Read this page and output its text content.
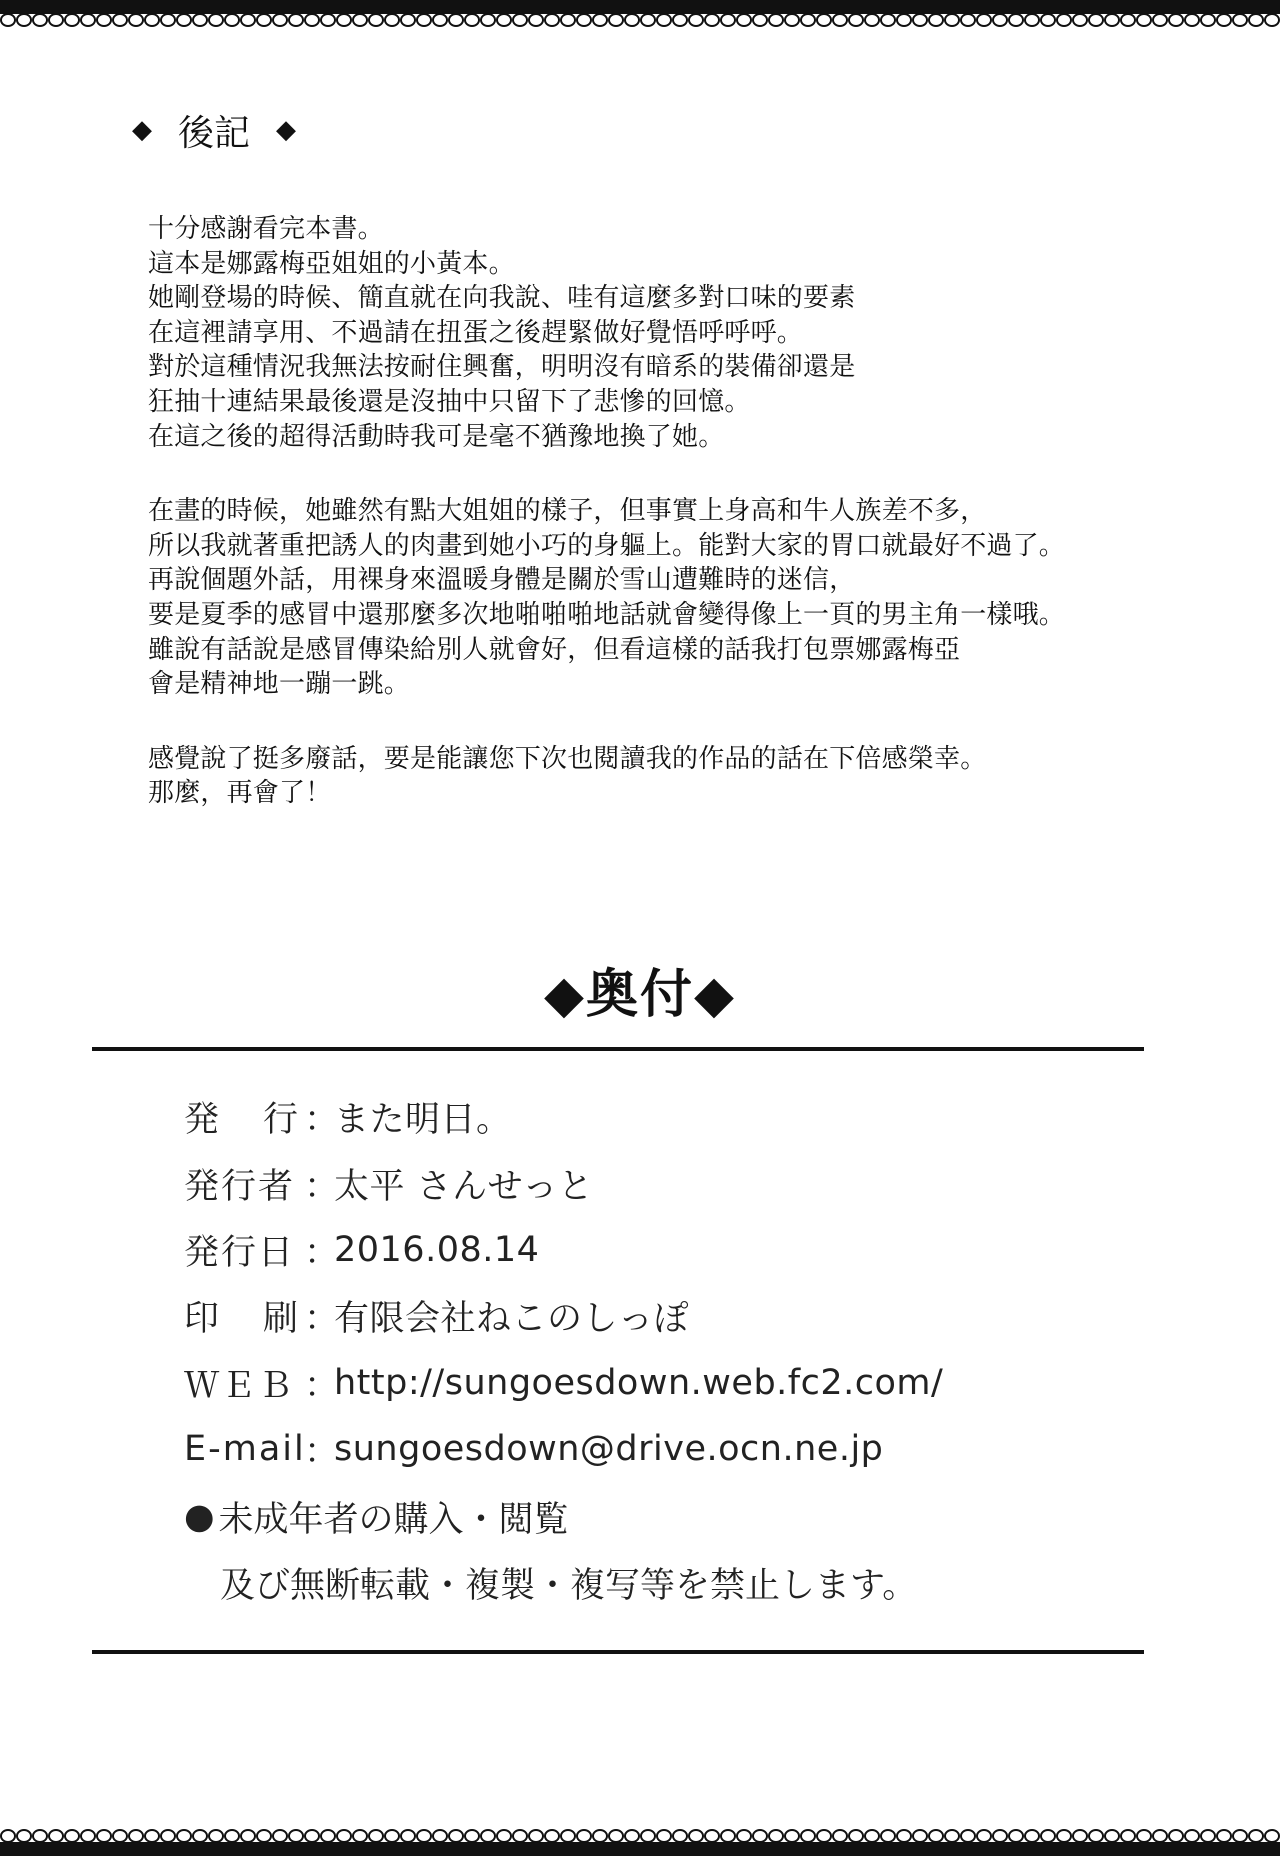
◆ 後記 ◆
十分感謝看完本書。
這本是娜露梅亞姐姐的小黃本。
她剛登場的時候、簡直就在向我說、哇有這麼多對口味的要素
在這裡請享用、不過請在扭蛋之後趕緊做好覺悟呼呼呼。
對於這種情況我無法按耐住興奮，明明沒有暗系的裝備卻還是
狂抽十連結果最後還是沒抽中只留下了悲慘的回憶。
在這之後的超得活動時我可是毫不猶豫地換了她。
在畫的時候，她雖然有點大姐姐的樣子，但事實上身高和牛人族差不多，
所以我就著重把誘人的肉畫到她小巧的身軀上。能對大家的胃口就最好不過了。
再說個題外話，用裸身來溫暖身體是關於雪山遭難時的迷信，
要是夏季的感冒中還那麼多次地啪啪啪地話就會變得像上一頁的男主角一樣哦。
雖說有話說是感冒傳染給別人就會好，但看這樣的話我打包票娜露梅亞
會是精神地一蹦一跳。
感覺說了挺多廢話，要是能讓您下次也閱讀我的作品的話在下倍感榮幸。
那麼，再會了！
◆奥付◆
発 行 ：
また明日。
発行者 ：
太平 さんせっと
発行日 ：
2016.08.14
印 刷 ：
有限会社ねこのしっぽ
ＷＥＢ ：
http://sungoesdown.web.fc2.com/
E-mail
：
sungoesdown@drive.ocn.ne.jp
● 未成年者の購入・閲覧
及び無断転載・複製・複写等を禁止します。
